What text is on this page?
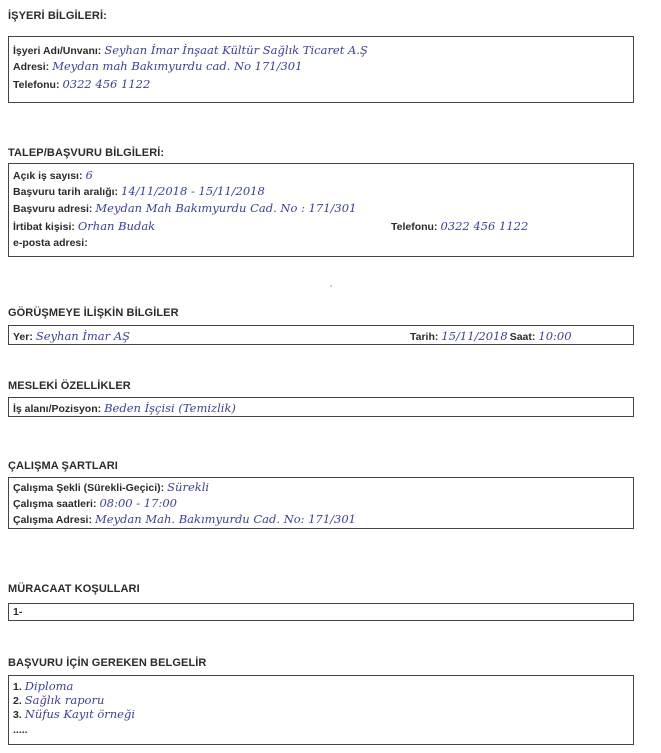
İŞYERİ BİLGİLERİ:
İşyeri Adı/Unvanı: Seyhan İmar İnşaat Kültür Sağlık Ticaret A.Ş
Adresi: Meydan mah Bakımyurdu cad. No 171/301
Telefonu: 0322 456 1122
TALEP/BAŞVURU BİLGİLERİ:
Açık iş sayısı: 6
Başvuru tarih aralığı: 14/11/2018 - 15/11/2018
Başvuru adresi: Meydan Mah Bakımyurdu Cad. No : 171/301
İrtibat kişisi: Orhan Budak	Telefonu: 0322 456 1122
e-posta adresi:
GÖRÜŞMEYE İLİŞKİN BİLGİLER
Yer: Seyhan İmar AŞ	Tarih: 15/11/2018 Saat: 10:00
MESLEKİ ÖZELLİKLER
İş alanı/Pozisyon: Beden İşçisi (Temizlik)
ÇALIŞMA ŞARTLARI
Çalışma Şekli (Sürekli-Geçici): Sürekli
Çalışma saatleri: 08:00 - 17:00
Çalışma Adresi: Meydan Mah. Bakımyurdu Cad. No: 171/301
MÜRACAAT KOŞULLARI
1-
BAŞVURU İÇİN GEREKEN BELGELİR
1. Diploma
2. Sağlık raporu
3. Nüfus Kayıt örneği
.....
